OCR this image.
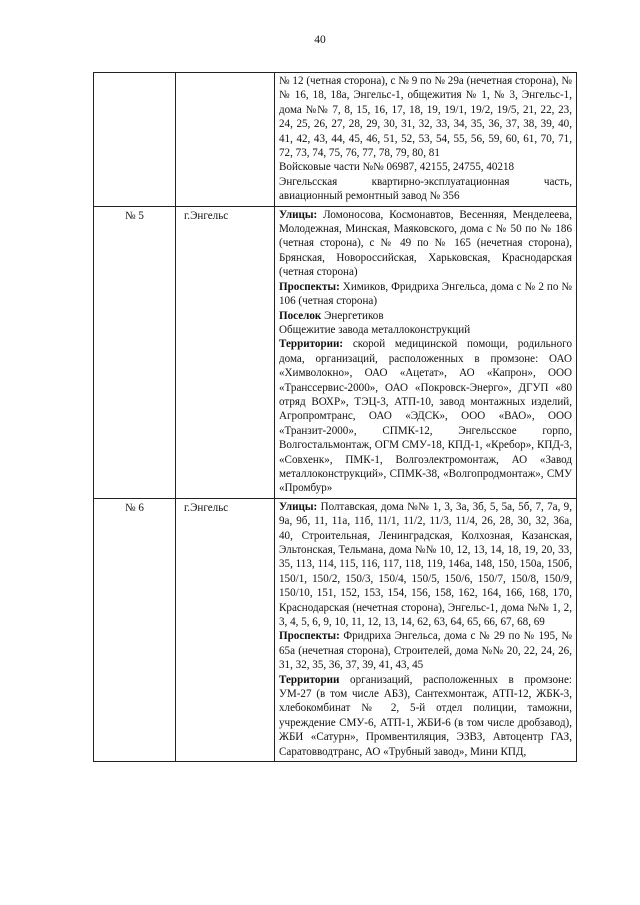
40

		№ 12 (четная сторона), с № 9 по № 29а (нечетная сторона), №№ 16, 18, 18а, Энгельс-1, общежития № 1, № 3, Энгельс-1, дома №№ 7, 8, 15, 16, 17, 18, 19, 19/1, 19/2, 19/5, 21, 22, 23, 24, 25, 26, 27, 28, 29, 30, 31, 32, 33, 34, 35, 36, 37, 38, 39, 40, 41, 42, 43, 44, 45, 46, 51, 52, 53, 54, 55, 56, 59, 60, 61, 70, 71, 72, 73, 74, 75, 76, 77, 78, 79, 80, 81

Войсковые части №№ 06987, 42155, 24755, 40218

Энгельсская квартирно-эксплуатационная часть, авиационный ремонтный завод № 356

№ 5	г.Энгельс	Улицы: Ломоносова, Космонавтов, Весенняя, Менделеева, Молодежная, Минская, Маяковского, дома с № 50 по № 186 (четная сторона), с № 49 по № 165 (нечетная сторона), Брянская, Новороссийская, Харьковская, Краснодарская (четная сторона)

Проспекты: Химиков, Фридриха Энгельса, дома с № 2 по № 106 (четная сторона)

Поселок Энергетиков

Общежитие завода металлоконструкций

Территории: скорой медицинской помощи, родильного дома, организаций, расположенных в промзоне: ОАО «Химволокно», ОАО «Ацетат», АО «Капрон», ООО «Транссервис-2000», ОАО «Покровск-Энерго», ДГУП «80 отряд ВОХР», ТЭЦ-3, АТП-10, завод монтажных изделий, Агропромтранс, ОАО «ЭДСК», ООО «ВАО», ООО «Транзит-2000», СПМК-12, Энгельсское горпо, Волгостальмонтаж, ОГМ СМУ-18, КПД-1, «Кребор», КПД-3, «Совхенк», ПМК-1, Волгоэлектромонтаж, АО «Завод металлоконструкций», СПМК-38, «Волгопродмонтаж», СМУ «Промбур»

№ 6	г.Энгельс	Улицы: Полтавская, дома №№ 1, 3, 3а, 3б, 5, 5а, 5б, 7, 7а, 9, 9а, 9б, 11, 11а, 11б, 11/1, 11/2, 11/3, 11/4, 26, 28, 30, 32, 36а, 40, Строительная, Ленинградская, Колхозная, Казанская, Эльтонская, Тельмана, дома №№ 10, 12, 13, 14, 18, 19, 20, 33, 35, 113, 114, 115, 116, 117, 118, 119, 146а, 148, 150, 150а, 150б, 150/1, 150/2, 150/3, 150/4, 150/5, 150/6, 150/7, 150/8, 150/9, 150/10, 151, 152, 153, 154, 156, 158, 162, 164, 166, 168, 170, Краснодарская (нечетная сторона), Энгельс-1, дома №№ 1, 2, 3, 4, 5, 6, 9, 10, 11, 12, 13, 14, 62, 63, 64, 65, 66, 67, 68, 69

Проспекты: Фридриха Энгельса, дома с № 29 по № 195, № 65а (нечетная сторона), Строителей, дома №№ 20, 22, 24, 26, 31, 32, 35, 36, 37, 39, 41, 43, 45

Территории организаций, расположенных в промзоне: УМ-27 (в том числе АБЗ), Сантехмонтаж, АТП-12, ЖБК-3, хлебокомбинат № 2, 5-й отдел полиции, таможни, учреждение СМУ-6, АТП-1, ЖБИ-6 (в том числе дробзавод), ЖБИ «Сатурн», Промвентиляция, ЭЗВЗ, Автоцентр ГАЗ, Саратовводтранс, АО «Трубный завод», Мини КПД,
